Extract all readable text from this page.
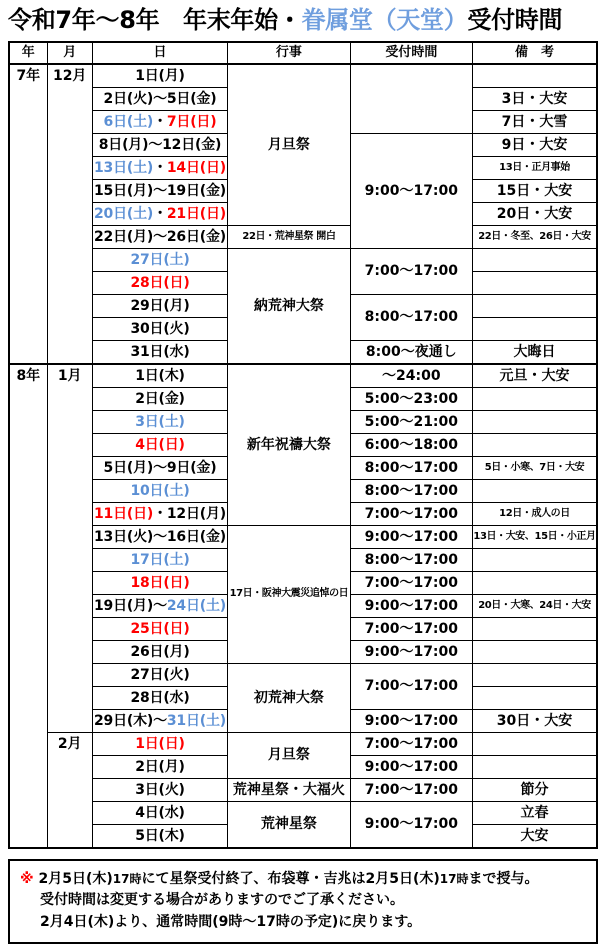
令和7年～8年　年末年始・眷属堂（天堂）受付時間
年	月	日	行事	受付時間	備　考
7年	12月	1日(月)	月旦祭		
		2日(火)～5日(金)			3日・大安
		6日(土)・7日(日)			7日・大雪
		8日(月)～12日(金)		9:00～17:00	9日・大安
		13日(土)・14日(日)			13日・正月事始
		15日(月)～19日(金)			15日・大安
		20日(土)・21日(日)			20日・大安
		22日(月)～26日(金)	22日・荒神星祭 開白		22日・冬至、26日・大安
		27日(土)	納荒神大祭	7:00～17:00	
		28日(日)			
		29日(月)		8:00～17:00	
		30日(火)			
		31日(水)		8:00～夜通し	大晦日
8年	1月	1日(木)	新年祝禱大祭	～24:00	元旦・大安
		2日(金)		5:00～23:00	
		3日(土)		5:00～21:00	
		4日(日)		6:00～18:00	
		5日(月)～9日(金)		8:00～17:00	5日・小寒、7日・大安
		10日(土)		8:00～17:00	
		11日(日)・12日(月)		7:00～17:00	12日・成人の日
		13日(火)～16日(金)	17日・阪神大震災追悼の日	9:00～17:00	13日・大安、15日・小正月
		17日(土)		8:00～17:00	
		18日(日)		7:00～17:00	
		19日(月)～24日(土)		9:00～17:00	20日・大寒、24日・大安
		25日(日)		7:00～17:00	
		26日(月)		9:00～17:00	
		27日(火)	初荒神大祭	7:00～17:00	
		28日(水)			
		29日(木)～31日(土)		9:00～17:00	30日・大安
	2月	1日(日)	月旦祭	7:00～17:00	
		2日(月)		9:00～17:00	
		3日(火)	荒神星祭・大福火	7:00～17:00	節分
		4日(水)	荒神星祭	9:00～17:00	立春
		5日(木)			大安
※ 2月5日(木)17時にて星祭受付終了、布袋尊・吉兆は2月5日(木)17時まで授与。
受付時間は変更する場合がありますのでご了承ください。
2月4日(木)より、通常時間(9時～17時の予定)に戻ります。
